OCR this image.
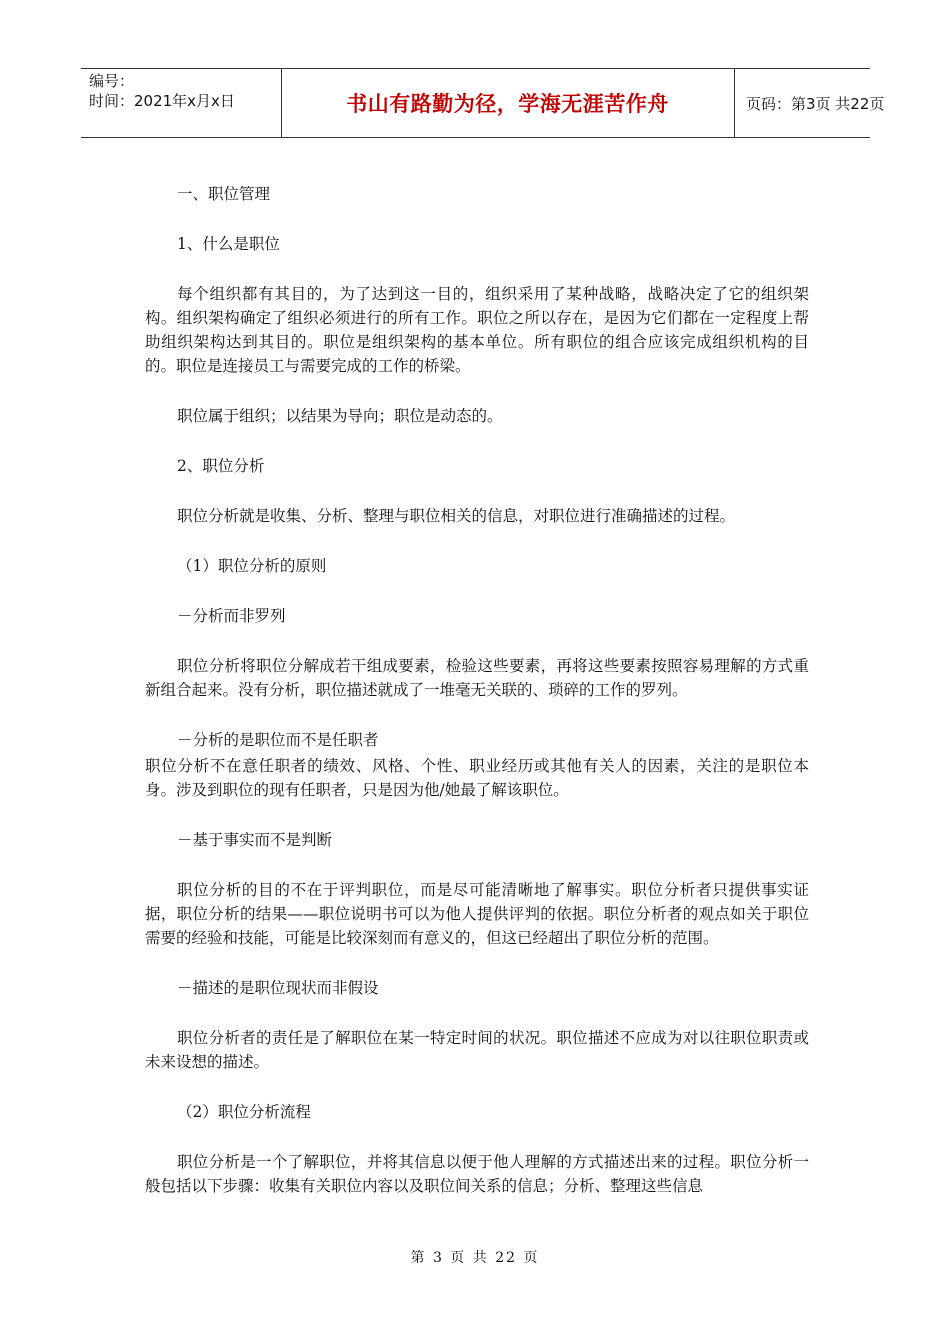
编号：
时间：2021年x月x日	书山有路勤为径，学海无涯苦作舟	页码：第3页 共22页

一、职位管理

1、什么是职位

每个组织都有其目的，为了达到这一目的，组织采用了某种战略，战略决定了它的组织架构。组织架构确定了组织必须进行的所有工作。职位之所以存在，是因为它们都在一定程度上帮助组织架构达到其目的。职位是组织架构的基本单位。所有职位的组合应该完成组织机构的目的。职位是连接员工与需要完成的工作的桥梁。

职位属于组织；以结果为导向；职位是动态的。

2、职位分析

职位分析就是收集、分析、整理与职位相关的信息，对职位进行准确描述的过程。

（1）职位分析的原则

－分析而非罗列

职位分析将职位分解成若干组成要素，检验这些要素，再将这些要素按照容易理解的方式重新组合起来。没有分析，职位描述就成了一堆毫无关联的、琐碎的工作的罗列。

－分析的是职位而不是任职者

职位分析不在意任职者的绩效、风格、个性、职业经历或其他有关人的因素，关注的是职位本身。涉及到职位的现有任职者，只是因为他/她最了解该职位。

－基于事实而不是判断

职位分析的目的不在于评判职位，而是尽可能清晰地了解事实。职位分析者只提供事实证据，职位分析的结果——职位说明书可以为他人提供评判的依据。职位分析者的观点如关于职位需要的经验和技能，可能是比较深刻而有意义的，但这已经超出了职位分析的范围。

－描述的是职位现状而非假设

职位分析者的责任是了解职位在某一特定时间的状况。职位描述不应成为对以往职位职责或未来设想的描述。

（2）职位分析流程

职位分析是一个了解职位，并将其信息以便于他人理解的方式描述出来的过程。职位分析一般包括以下步骤：收集有关职位内容以及职位间关系的信息；分析、整理这些信息

第 3 页 共 22 页
